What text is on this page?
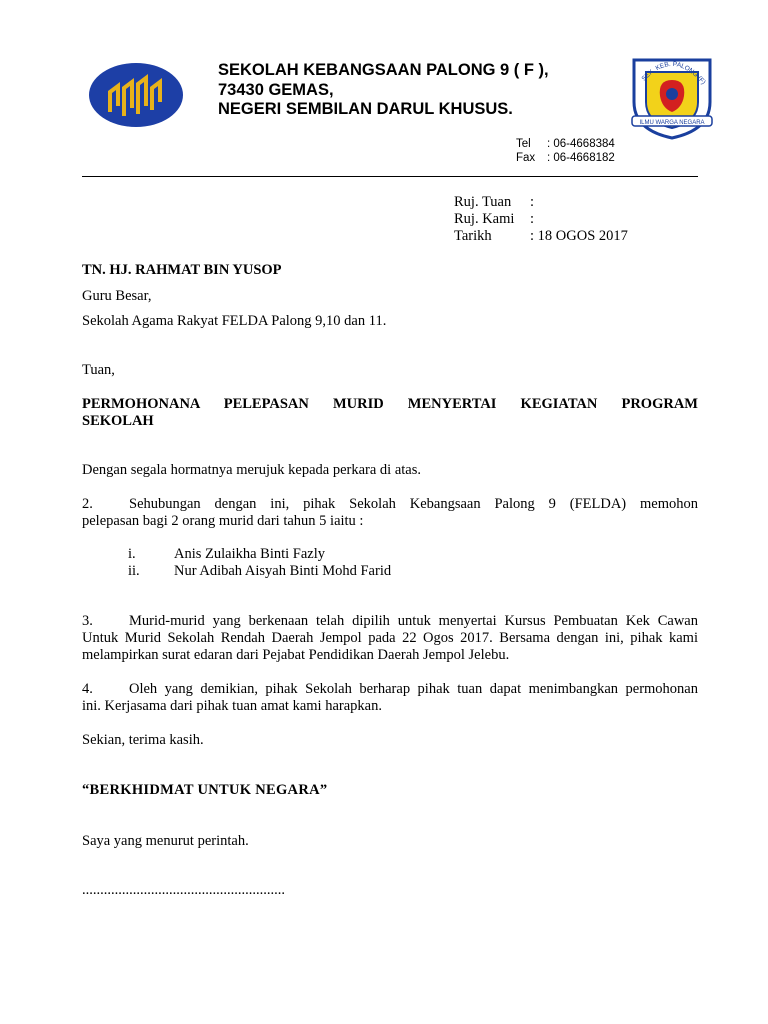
SEKOLAH KEBANGSAAN PALONG 9 ( F ),
73430 GEMAS,
NEGERI SEMBILAN DARUL KHUSUS.
SEK. KEB. PALONG (F)
ILMU WARGA NEGARA
Tel : 06-4668384
Fax : 06-4668182
Ruj. Tuan :
Ruj. Kami :
Tarikh	: 18 OGOS 2017
TN. HJ. RAHMAT BIN YUSOP
Guru Besar,
Sekolah Agama Rakyat FELDA Palong 9,10 dan 11.
Tuan,
PERMOHONANA PELEPASAN MURID MENYERTAI KEGIATAN PROGRAM
SEKOLAH
Dengan segala hormatnya merujuk kepada perkara di atas.
2. Sehubungan dengan ini, pihak Sekolah Kebangsaan Palong 9 (FELDA) memohon
pelepasan bagi 2 orang murid dari tahun 5 iaitu :
i.	Anis Zulaikha Binti Fazly
ii. Nur Adibah Aisyah Binti Mohd Farid
3. Murid-murid yang berkenaan telah dipilih untuk menyertai Kursus Pembuatan Kek Cawan
Untuk Murid Sekolah Rendah Daerah Jempol pada 22 Ogos 2017. Bersama dengan ini, pihak kami
melampirkan surat edaran dari Pejabat Pendidikan Daerah Jempol Jelebu.
4. Oleh yang demikian, pihak Sekolah berharap pihak tuan dapat menimbangkan permohonan
ini. Kerjasama dari pihak tuan amat kami harapkan.
Sekian, terima kasih.
“BERKHIDMAT UNTUK NEGARA”
Saya yang menurut perintah.
........................................................
